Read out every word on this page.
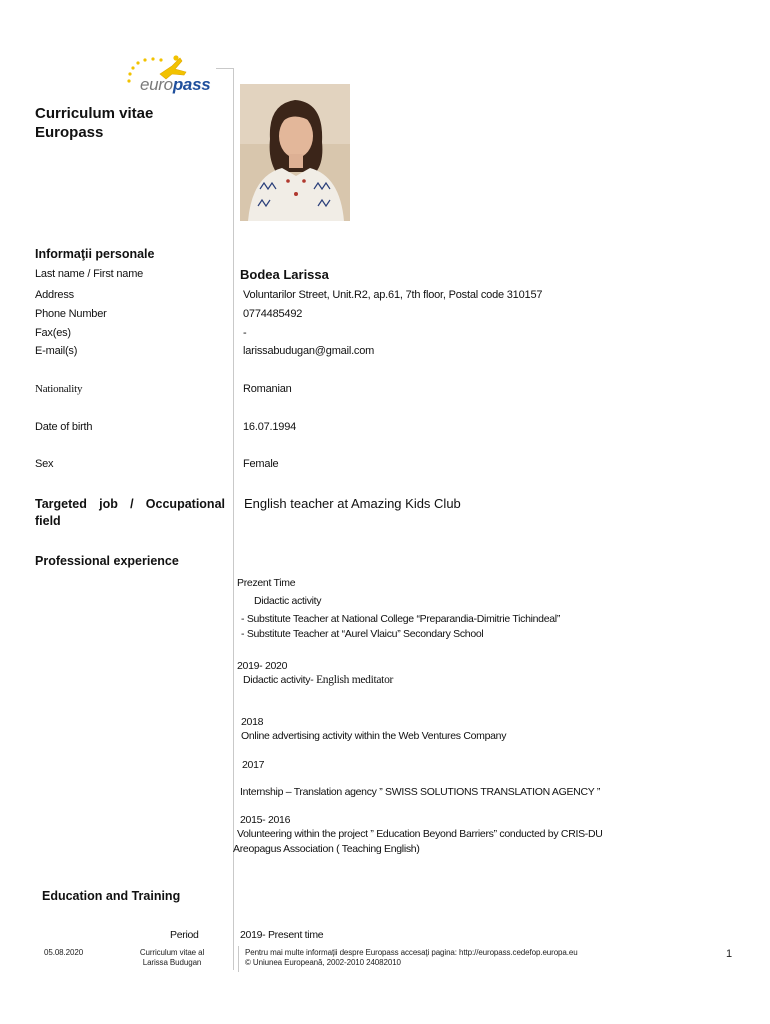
europass
Curriculum vitae
Europass
Informaţii personale
Last name / First name	Bodea Larissa
Address	Voluntarilor Street, Unit.R2, ap.61, 7th floor, Postal code 310157
Phone Number	0774485492
Fax(es)	-
E-mail(s)	larissabudugan@gmail.com
Nationality	Romanian
Date of birth	16.07.1994
Sex	Female
Targeted job / Occupational field
English teacher at Amazing Kids Club
Professional experience
Prezent Time
Didactic activity
- Substitute Teacher at National College “Preparandia-Dimitrie Tichindeal”
- Substitute Teacher at “Aurel Vlaicu” Secondary School
2019- 2020
Didactic activity- English meditator
2018
Online advertising activity within the Web Ventures Company
2017
Internship – Translation agency ” SWISS SOLUTIONS TRANSLATION AGENCY ”
2015- 2016
Volunteering within the project ” Education Beyond Barriers” conducted by CRIS-DU
Areopagus Association ( Teaching English)
Education and Training
Period	2019- Present time
05.08.2020	Curriculum vitae al
Larissa Budugan
Pentru mai multe informaţii despre Europass accesaţi pagina: http://europass.cedefop.europa.eu
© Uniunea Europeană, 2002-2010 24082010
1
